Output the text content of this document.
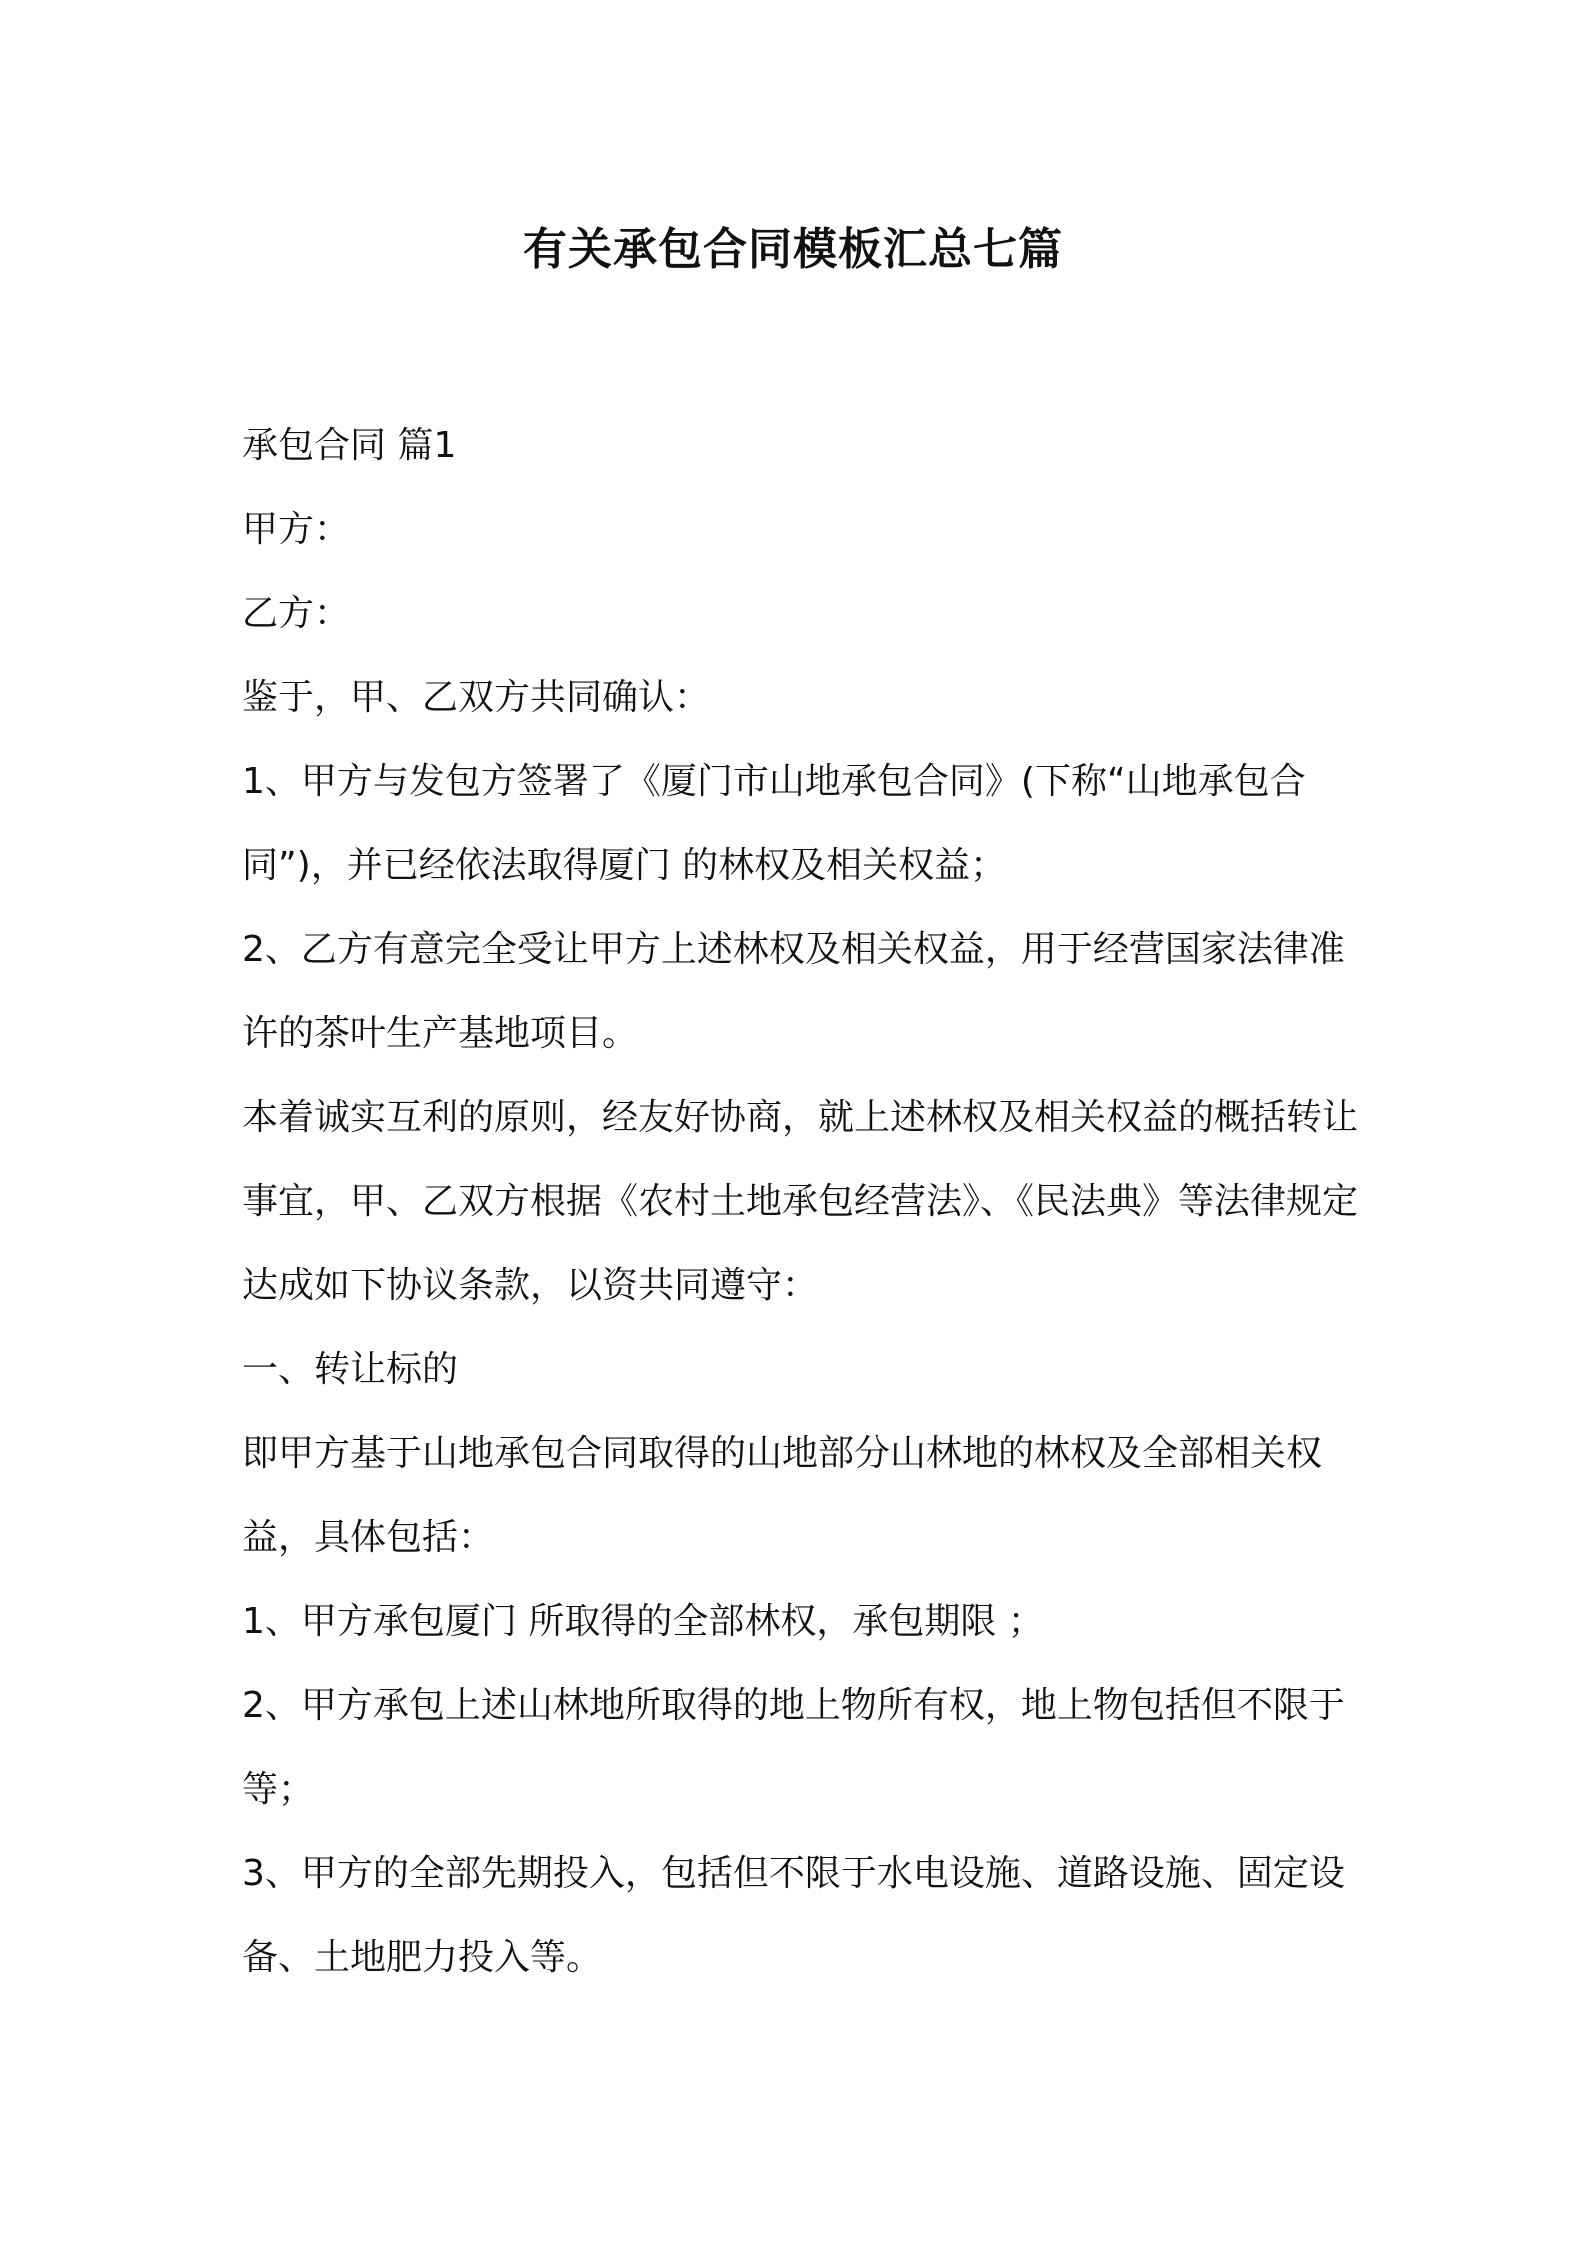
有关承包合同模板汇总七篇

承包合同 篇1

甲方：

乙方：

鉴于，甲、乙双方共同确认：

1、甲方与发包方签署了《厦门市山地承包合同》(下称“山地承包合同”)，并已经依法取得厦门 的林权及相关权益；

2、乙方有意完全受让甲方上述林权及相关权益，用于经营国家法律准许的茶叶生产基地项目。

本着诚实互利的原则，经友好协商，就上述林权及相关权益的概括转让事宜，甲、乙双方根据《农村土地承包经营法》、《民法典》等法律规定达成如下协议条款，以资共同遵守：

一、转让标的

即甲方基于山地承包合同取得的山地部分山林地的林权及全部相关权益，具体包括：

1、甲方承包厦门 所取得的全部林权，承包期限 ；

2、甲方承包上述山林地所取得的地上物所有权，地上物包括但不限于 等；

3、甲方的全部先期投入，包括但不限于水电设施、道路设施、固定设备、土地肥力投入等。
